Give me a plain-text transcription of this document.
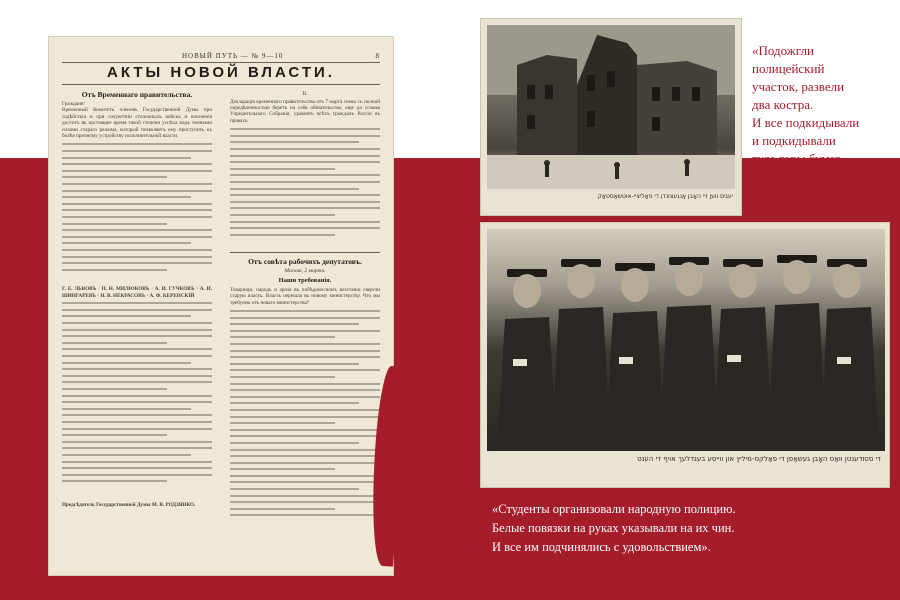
НОВЫЙ ПУТЬ — № 9—10	8
АКТЫ НОВОЙ ВЛАСТИ.
Отъ Временнаго правительства.
Граждане!
Временный Комитетъ членовъ Государственной Думы при содѣйствіи и при сочувствіи столичныхъ войскъ и населенія достигъ въ настоящее время такой степени успѣха надъ темными силами стараго режима, который позволяетъ ему приступить къ болѣе прочному устройству исполнительной власти.
Г. Е. ЛЬВОВЪ · П. Н. МИЛЮКОВЪ · А. И. ГУЧКОВЪ · А. И. ШИНГАРЕВЪ · Н. В. НЕКРАСОВЪ · А. Ф. КЕРЕНСКІЙ
Предсѣдатель Государственной Думы М. В. РОДЗЯНКО.
II.
Декларація временнаго правительства отъ 7 марта снова съ полной опредѣленностью беретъ на себя обязательство, еще до созыва Учредительнаго Собранія, уравнять всѣхъ гражданъ Россіи въ правахъ.
Отъ совѣта рабочихъ депутатовъ.
Москва, 2 марта.
Наши требованія.
Товарищи, народъ и армія въ побѣдоносномъ возстаніи свергли старую власть. Власть перешла въ новому министерству. Что мы требуемъ отъ новаго министерства?
יעגים ווען זיי האָבן אָנגעצונדן די פאָליציי-אוטשאַסטאָק
«Подожгли
полицейский
участок, развели
два костра.
И все подкидывали
и подкидывали
туда горы бумаг –
полицейскую
литературу».
די סטודענטן וואָס האָבן געשאַפן די פאָלקס-מיליץ און ווייסע בענדלעך אויף די הענט
«Студенты организовали народную полицию.
Белые повязки на руках указывали на их чин.
И все им подчинялись с удовольствием».
